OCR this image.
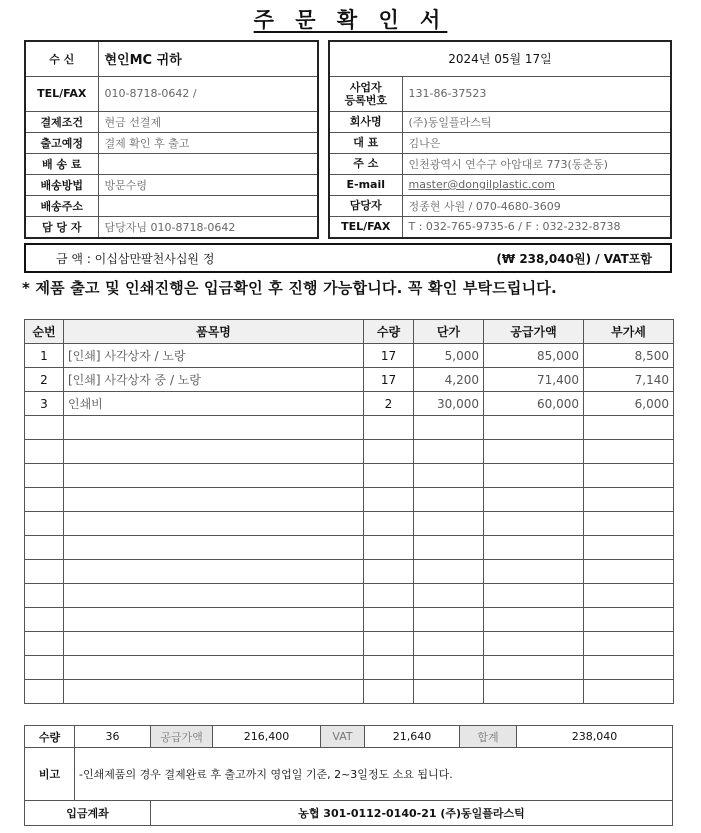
주 문 확 인 서
수 신	현인MC 귀하
TEL/FAX	010-8718-0642 /
결제조건	현금 선결제
출고예정	결제 확인 후 출고
배 송 료	
배송방법	방문수령
배송주소	
담 당 자	담당자님 010-8718-0642
2024년 05월 17일	
사업자
등록번호	131-86-37523
회사명	(주)동일플라스틱
대 표	김나은
주 소	인천광역시 연수구 아암대로 773(동춘동)
E-mail	master@dongilplastic.com
담당자	정종현 사원 / 070-4680-3609
TEL/FAX	T : 032-765-9735-6 / F : 032-232-8738
금 액 : 이십삼만팔천사십원 정	(₩ 238,040원) / VAT포함
* 제품 출고 및 인쇄진행은 입금확인 후 진행 가능합니다. 꼭 확인 부탁드립니다.
순번	품목명	수량	단가	공급가액	부가세
1	[인쇄] 사각상자 / 노랑	17	5,000	85,000	8,500
2	[인쇄] 사각상자 중 / 노랑	17	4,200	71,400	7,140
3	인쇄비	2	30,000	60,000	6,000

수량	36	공급가액	216,400	VAT	21,640	합계	238,040
비고	-인쇄제품의 경우 결제완료 후 출고까지 영업일 기준, 2~3일정도 소요 됩니다.						
입금계좌		농협 301-0112-0140-21 (주)동일플라스틱					
